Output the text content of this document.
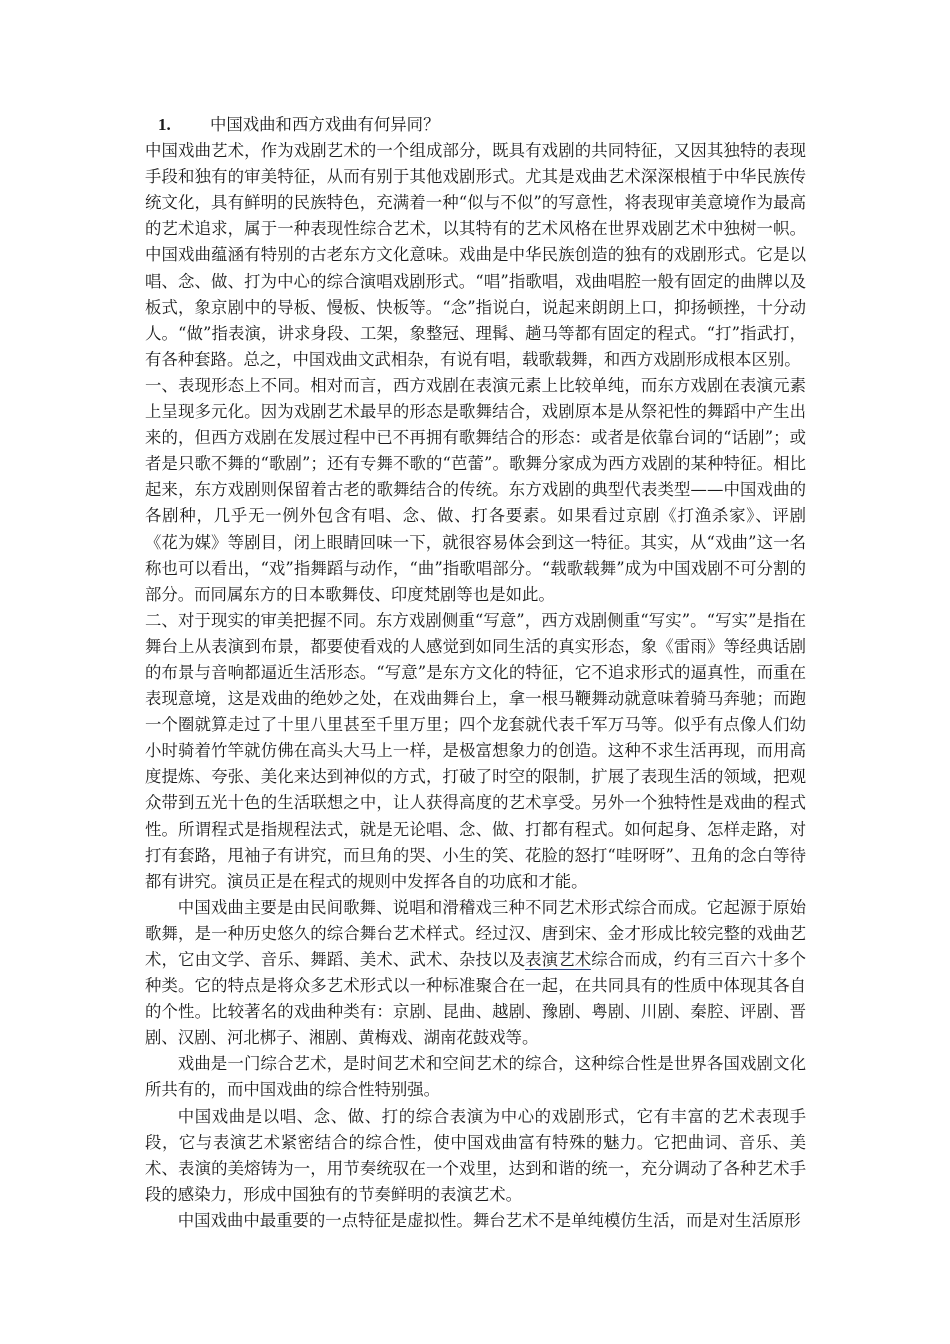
1.	中国戏曲和西方戏曲有何异同？

中国戏曲艺术，作为戏剧艺术的一个组成部分，既具有戏剧的共同特征，又因其独特的表现手段和独有的审美特征，从而有别于其他戏剧形式。尤其是戏曲艺术深深根植于中华民族传统文化，具有鲜明的民族特色，充满着一种“似与不似”的写意性，将表现审美意境作为最高的艺术追求，属于一种表现性综合艺术，以其特有的艺术风格在世界戏剧艺术中独树一帜。中国戏曲蕴涵有特别的古老东方文化意味。戏曲是中华民族创造的独有的戏剧形式。它是以唱、念、做、打为中心的综合演唱戏剧形式。“唱”指歌唱，戏曲唱腔一般有固定的曲牌以及板式，象京剧中的导板、慢板、快板等。“念”指说白，说起来朗朗上口，抑扬顿挫，十分动人。“做”指表演，讲求身段、工架，象整冠、理髯、趟马等都有固定的程式。“打”指武打，有各种套路。总之，中国戏曲文武相杂，有说有唱，载歌载舞，和西方戏剧形成根本区别。

一、表现形态上不同。相对而言，西方戏剧在表演元素上比较单纯，而东方戏剧在表演元素上呈现多元化。因为戏剧艺术最早的形态是歌舞结合，戏剧原本是从祭祀性的舞蹈中产生出来的，但西方戏剧在发展过程中已不再拥有歌舞结合的形态：或者是依靠台词的“话剧”；或者是只歌不舞的“歌剧”；还有专舞不歌的“芭蕾”。歌舞分家成为西方戏剧的某种特征。相比起来，东方戏剧则保留着古老的歌舞结合的传统。东方戏剧的典型代表类型——中国戏曲的各剧种，几乎无一例外包含有唱、念、做、打各要素。如果看过京剧《打渔杀家》、评剧 《花为媒》等剧目，闭上眼睛回味一下，就很容易体会到这一特征。其实，从“戏曲”这一名称也可以看出，“戏”指舞蹈与动作，“曲”指歌唱部分。“载歌载舞”成为中国戏剧不可分割的部分。而同属东方的日本歌舞伎、印度梵剧等也是如此。

二、对于现实的审美把握不同。东方戏剧侧重“写意”，西方戏剧侧重“写实”。“写实”是指在舞台上从表演到布景，都要使看戏的人感觉到如同生活的真实形态，象《雷雨》等经典话剧的布景与音响都逼近生活形态。“写意”是东方文化的特征，它不追求形式的逼真性，而重在表现意境，这是戏曲的绝妙之处，在戏曲舞台上，拿一根马鞭舞动就意味着骑马奔驰；而跑一个圈就算走过了十里八里甚至千里万里；四个龙套就代表千军万马等。似乎有点像人们幼小时骑着竹竿就仿佛在高头大马上一样，是极富想象力的创造。这种不求生活再现，而用高度提炼、夸张、美化来达到神似的方式，打破了时空的限制，扩展了表现生活的领域，把观众带到五光十色的生活联想之中，让人获得高度的艺术享受。另外一个独特性是戏曲的程式性。所谓程式是指规程法式，就是无论唱、念、做、打都有程式。如何起身、怎样走路，对打有套路，甩袖子有讲究，而旦角的哭、小生的笑、花脸的怒打“哇呀呀”、丑角的念白等待都有讲究。演员正是在程式的规则中发挥各自的功底和才能。

中国戏曲主要是由民间歌舞、说唱和滑稽戏三种不同艺术形式综合而成。它起源于原始歌舞，是一种历史悠久的综合舞台艺术样式。经过汉、唐到宋、金才形成比较完整的戏曲艺术，它由文学、音乐、舞蹈、美术、武术、杂技以及表演艺术综合而成，约有三百六十多个种类。它的特点是将众多艺术形式以一种标准聚合在一起，在共同具有的性质中体现其各自的个性。比较著名的戏曲种类有：京剧、昆曲、越剧、豫剧、粤剧、川剧、秦腔、评剧、晋剧、汉剧、河北梆子、湘剧、黄梅戏、湖南花鼓戏等。

戏曲是一门综合艺术，是时间艺术和空间艺术的综合，这种综合性是世界各国戏剧文化所共有的，而中国戏曲的综合性特别强。

中国戏曲是以唱、念、做、打的综合表演为中心的戏剧形式，它有丰富的艺术表现手段，它与表演艺术紧密结合的综合性，使中国戏曲富有特殊的魅力。它把曲词、音乐、美术、表演的美熔铸为一，用节奏统驭在一个戏里，达到和谐的统一，充分调动了各种艺术手段的感染力，形成中国独有的节奏鲜明的表演艺术。

中国戏曲中最重要的一点特征是虚拟性。舞台艺术不是单纯模仿生活，而是对生活原形
